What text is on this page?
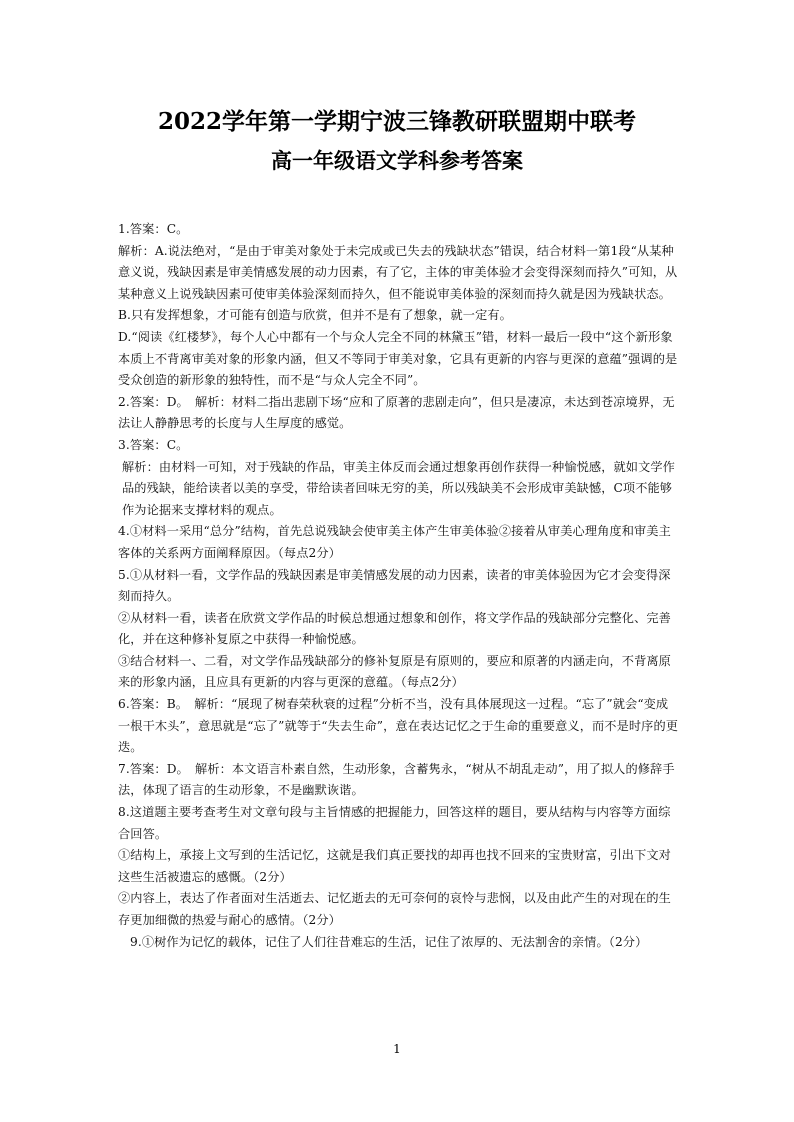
2022学年第一学期宁波三锋教研联盟期中联考
高一年级语文学科参考答案

1.答案：C。

解析：A.说法绝对，“是由于审美对象处于未完成或已失去的残缺状态”错误，结合材料一第1段“从某种意义说，残缺因素是审美情感发展的动力因素，有了它，主体的审美体验才会变得深刻而持久”可知，从某种意义上说残缺因素可使审美体验深刻而持久，但不能说审美体验的深刻而持久就是因为残缺状态。

B.只有发挥想象，才可能有创造与欣赏，但并不是有了想象，就一定有。

D.“阅读《红楼梦》，每个人心中都有一个与众人完全不同的林黛玉”错，材料一最后一段中“这个新形象本质上不背离审美对象的形象内涵，但又不等同于审美对象，它具有更新的内容与更深的意蕴”强调的是受众创造的新形象的独特性，而不是“与众人完全不同”。

2.答案：D。　解析：材料二指出悲剧下场“应和了原著的悲剧走向”，但只是凄凉，未达到苍凉境界，无法让人静静思考的长度与人生厚度的感觉。

3.答案：C。

解析：由材料一可知，对于残缺的作品，审美主体反而会通过想象再创作获得一种愉悦感，就如文学作品的残缺，能给读者以美的享受，带给读者回味无穷的美，所以残缺美不会形成审美缺憾，C项不能够作为论据来支撑材料的观点。

4.①材料一采用“总分”结构，首先总说残缺会使审美主体产生审美体验②接着从审美心理角度和审美主客体的关系两方面阐释原因。（每点2分）

5.①从材料一看，文学作品的残缺因素是审美情感发展的动力因素，读者的审美体验因为它才会变得深刻而持久。

②从材料一看，读者在欣赏文学作品的时候总想通过想象和创作，将文学作品的残缺部分完整化、完善化，并在这种修补复原之中获得一种愉悦感。

③结合材料一、二看，对文学作品残缺部分的修补复原是有原则的，要应和原著的内涵走向，不背离原来的形象内涵，且应具有更新的内容与更深的意蕴。（每点2分）

6.答案：B。　解析：“展现了树春荣秋衰的过程”分析不当，没有具体展现这一过程。“忘了”就会“变成一根干木头”，意思就是“忘了”就等于“失去生命”，意在表达记忆之于生命的重要意义，而不是时序的更迭。

7.答案：D。　解析：本文语言朴素自然，生动形象，含蓄隽永，“树从不胡乱走动”，用了拟人的修辞手法，体现了语言的生动形象，不是幽默诙谐。

8.这道题主要考查考生对文章句段与主旨情感的把握能力，回答这样的题目，要从结构与内容等方面综合回答。

①结构上，承接上文写到的生活记忆，这就是我们真正要找的却再也找不回来的宝贵财富，引出下文对这些生活被遗忘的感慨。（2分）

②内容上，表达了作者面对生活逝去、记忆逝去的无可奈何的哀怜与悲悯，以及由此产生的对现在的生存更加细微的热爱与耐心的感情。（2分）

9.①树作为记忆的载体，记住了人们往昔难忘的生活，记住了浓厚的、无法割舍的亲情。（2分）

1
